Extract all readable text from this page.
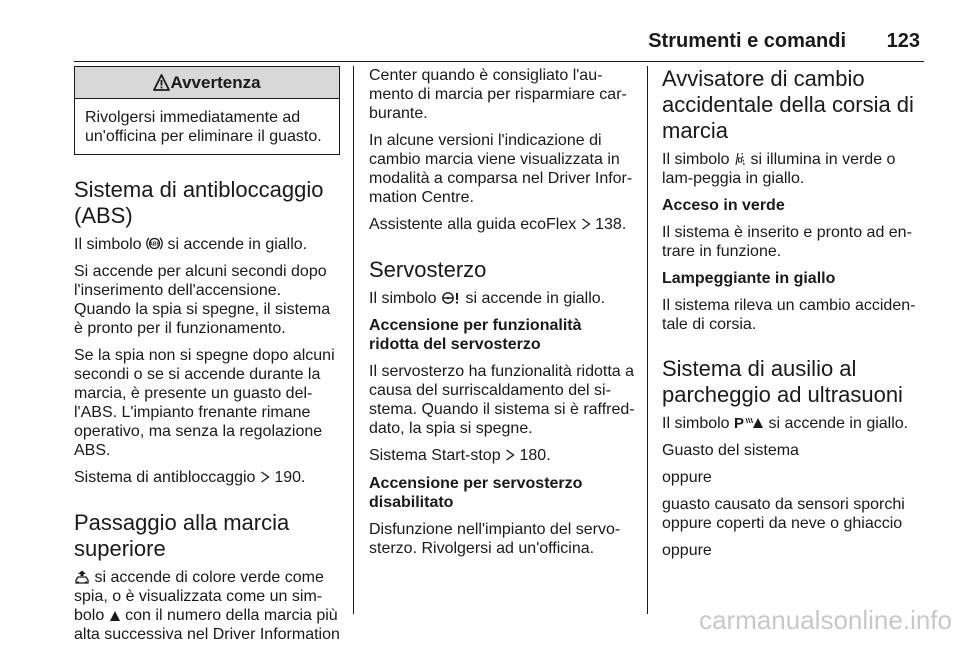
Strumenti e comandi 123
Avvertenza
Rivolgersi immediatamente ad un'officina per eliminare il guasto.
Sistema di antibloccaggio (ABS)

Il simbolo ABS si accende in giallo.

Si accende per alcuni secondi dopo l'inserimento dell'accensione. Quando la spia si spegne, il sistema è pronto per il funzionamento.

Se la spia non si spegne dopo alcuni secondi o se si accende durante la marcia, è presente un guasto del-l'ABS. L'impianto frenante rimane operativo, ma senza la regolazione ABS.

Sistema di antibloccaggio  190.

Passaggio alla marcia superiore

si accende di colore verde come spia, o è visualizzata come un sim-bolo
con il numero della marcia più alta successiva nel Driver Information

Center quando è consigliato l'au-mento di marcia per risparmiare car-burante.

In alcune versioni l'indicazione di cambio marcia viene visualizzata in modalità a comparsa nel Driver Infor-mation Centre.

Assistente alla guida ecoFlex  138.

Servosterzo

Il simbolo
si accende in giallo.

Accensione per funzionalità ridotta del servosterzo

Il servosterzo ha funzionalità ridotta a causa del surriscaldamento del si-stema. Quando il sistema si è raffred-dato, la spia si spegne.

Sistema Start-stop  180.

Accensione per servosterzo disabilitato

Disfunzione nell'impianto del servo-sterzo. Rivolgersi ad un'officina.

Avvisatore di cambio accidentale della corsia di marcia

Il simbolo
si illumina in verde o lam-peggia in giallo.

Acceso in verde

Il sistema è inserito e pronto ad en-trare in funzione.

Lampeggiante in giallo

Il sistema rileva un cambio acciden-tale di corsia.

Sistema di ausilio al parcheggio ad ultrasuoni

Il simbolo P si accende in giallo.

Guasto del sistema

oppure

guasto causato da sensori sporchi oppure coperti da neve o ghiaccio

oppure

carmanualsonline.info
